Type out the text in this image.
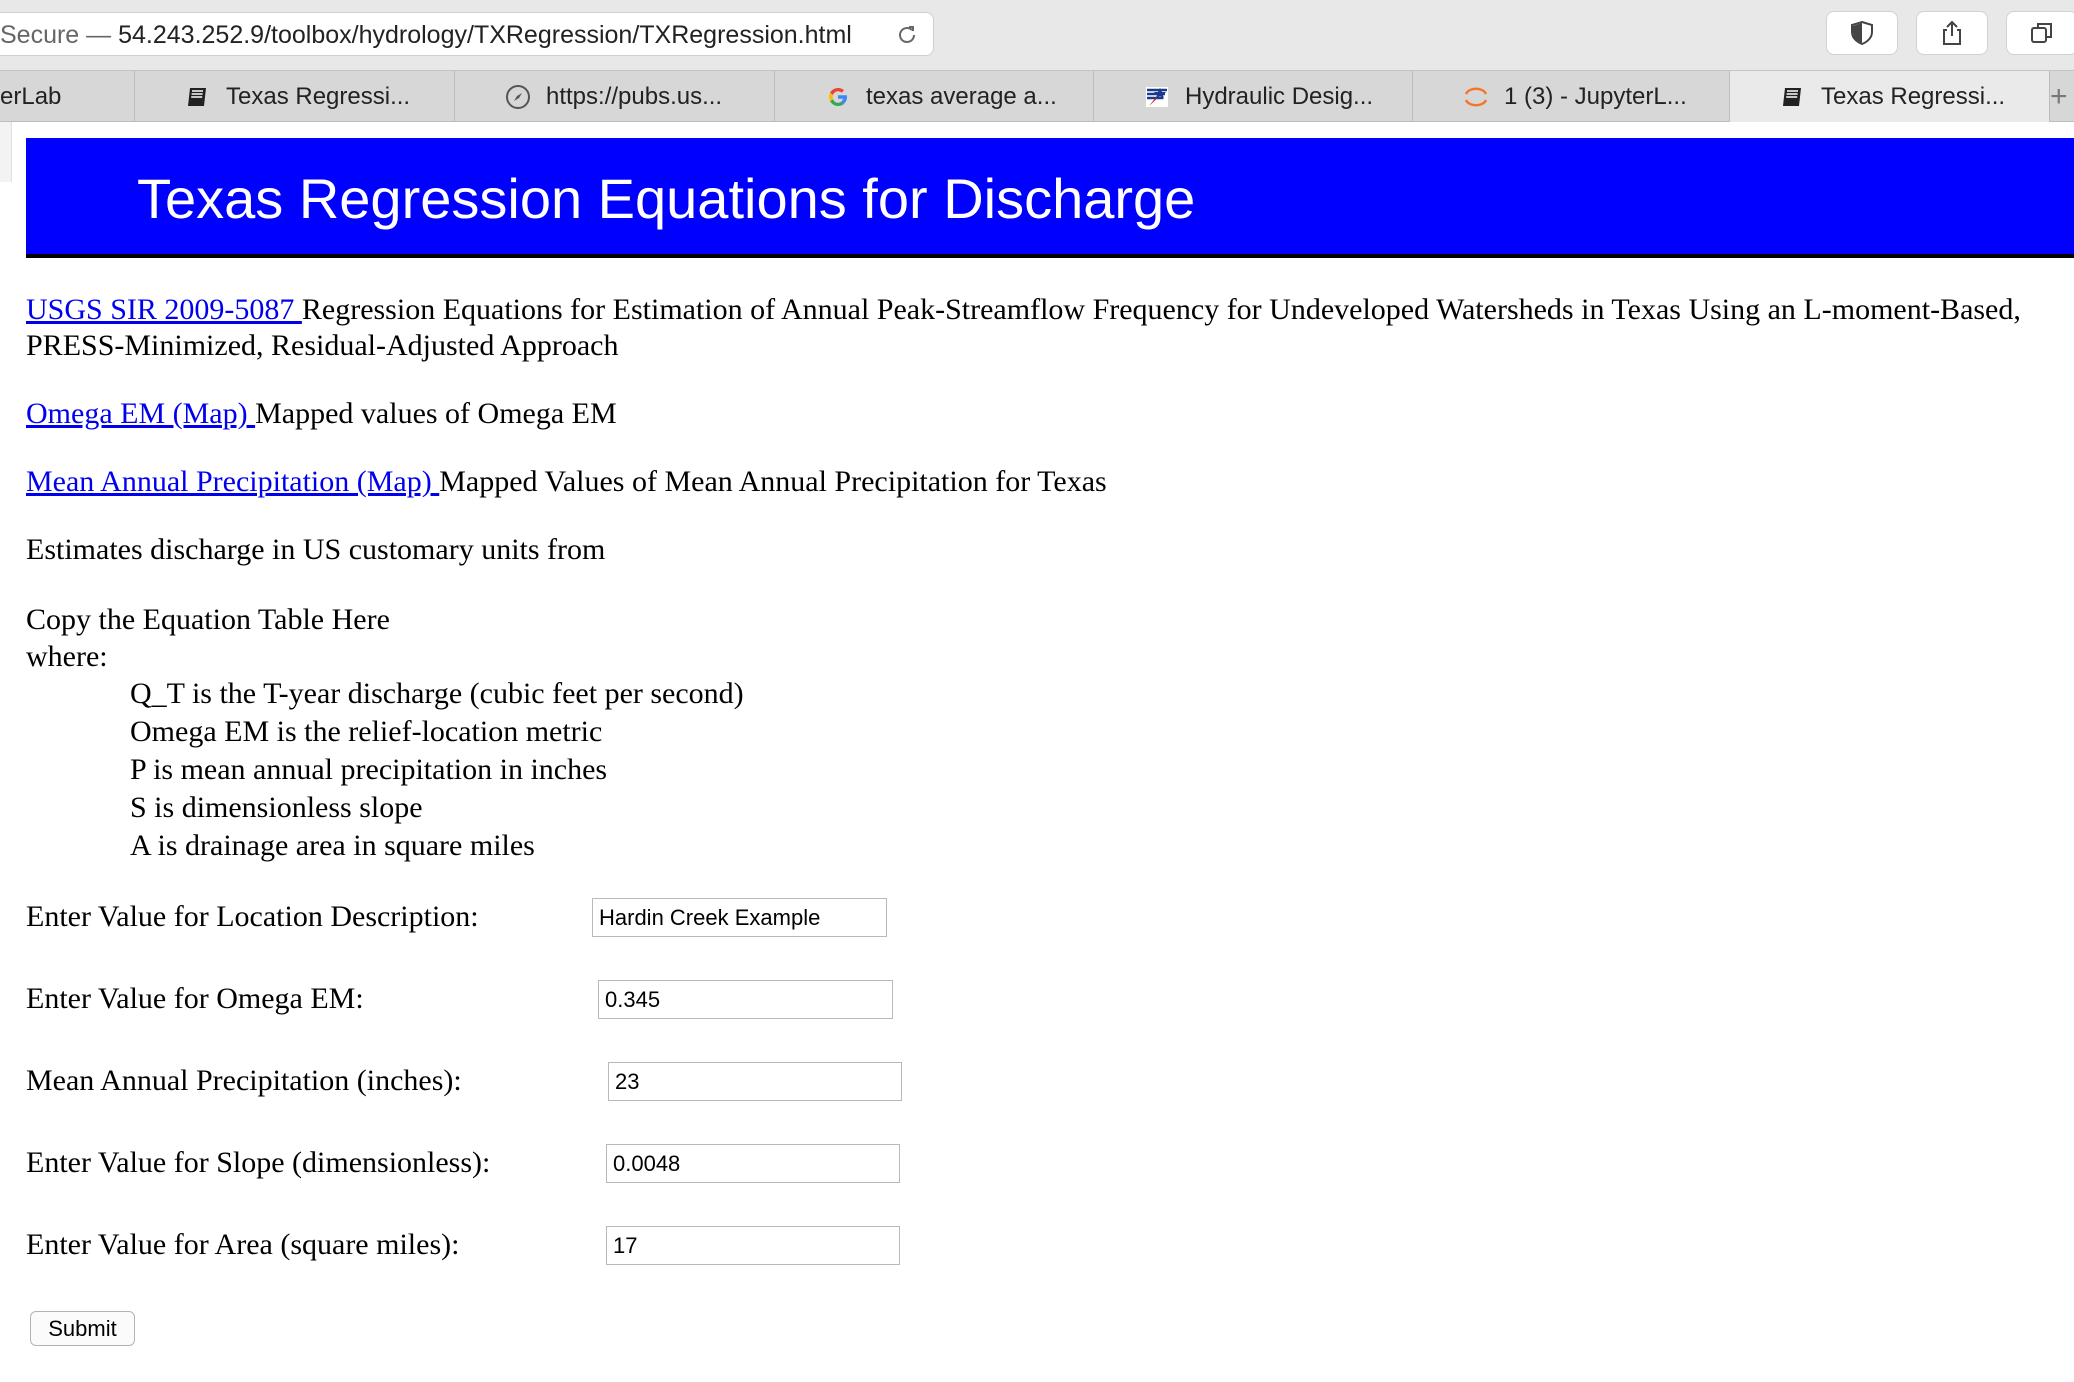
Secure — 54.243.252.9/toolbox/hydrology/TXRegression/TXRegression.html
erLab	Texas Regressi...	https://pubs.us...	texas average a...	Hydraulic Desig...	1 (3) - JupyterL...	Texas Regressi... +
Texas Regression Equations for Discharge
USGS SIR 2009-5087 Regression Equations for Estimation of Annual Peak-Streamflow Frequency for Undeveloped Watersheds in Texas Using an L-moment-Based, PRESS-Minimized, Residual-Adjusted Approach
Omega EM (Map) Mapped values of Omega EM
Mean Annual Precipitation (Map) Mapped Values of Mean Annual Precipitation for Texas
Estimates discharge in US customary units from
Copy the Equation Table Here
where:
Q_T is the T-year discharge (cubic feet per second)
Omega EM is the relief-location metric
P is mean annual precipitation in inches
S is dimensionless slope
A is drainage area in square miles
Enter Value for Location Description:
Hardin Creek Example
Enter Value for Omega EM:
0.345
Mean Annual Precipitation (inches):
23
Enter Value for Slope (dimensionless):
0.0048
Enter Value for Area (square miles):
17
Submit
